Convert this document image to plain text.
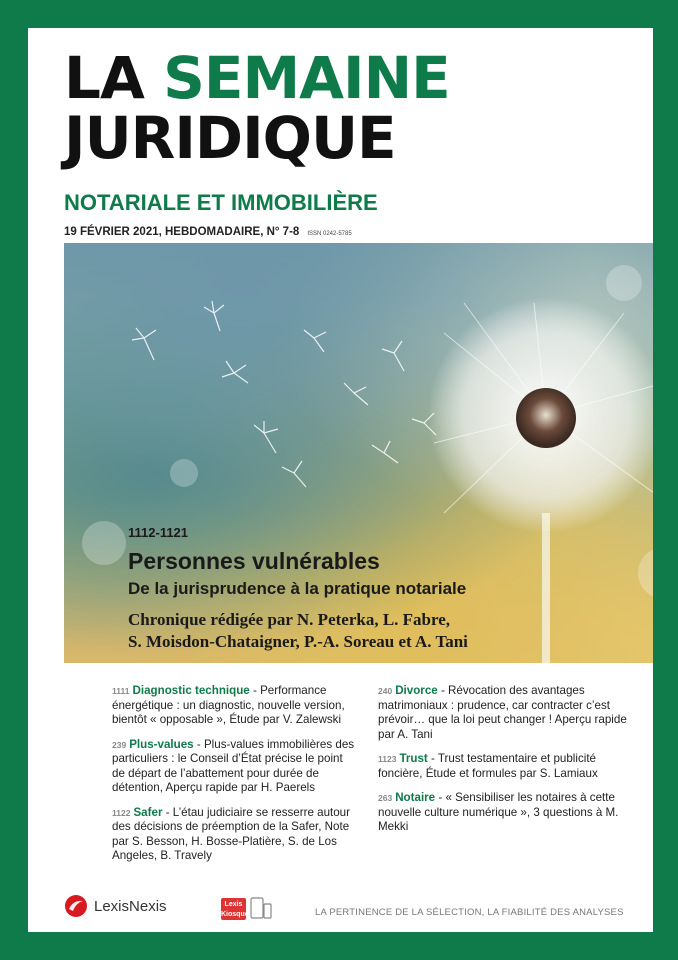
LA SEMAINE
JURIDIQUE
NOTARIALE ET IMMOBILIÈRE
19 FÉVRIER 2021, HEBDOMADAIRE, N° 7-8 ISSN 0242-5785
1112-1121
Personnes vulnérables
De la jurisprudence à la pratique notariale
Chronique rédigée par N. Peterka, L. Fabre,
S. Moisdon-Chataigner, P.-A. Soreau et A. Tani
1111 Diagnostic technique - Performance énergétique : un diagnostic, nouvelle version, bientôt « opposable », Étude par V. Zalewski
239 Plus-values - Plus-values immobilières des particuliers : le Conseil d’État précise le point de départ de l’abattement pour durée de détention, Aperçu rapide par H. Paerels
1122 Safer - L’étau judiciaire se resserre autour des décisions de préemption de la Safer, Note par S. Besson, H. Bosse-Platière, S. de Los Angeles, B. Travely
240 Divorce - Révocation des avantages matrimoniaux : prudence, car contracter c’est prévoir… que la loi peut changer ! Aperçu rapide par A. Tani
1123 Trust - Trust testamentaire et publicité foncière, Étude et formules par S. Lamiaux
263 Notaire - « Sensibiliser les notaires à cette nouvelle culture numérique », 3 questions à M. Mekki
LexisNexis	Lexis
Kiosque	LA PERTINENCE DE LA SÉLECTION, LA FIABILITÉ DES ANALYSES
